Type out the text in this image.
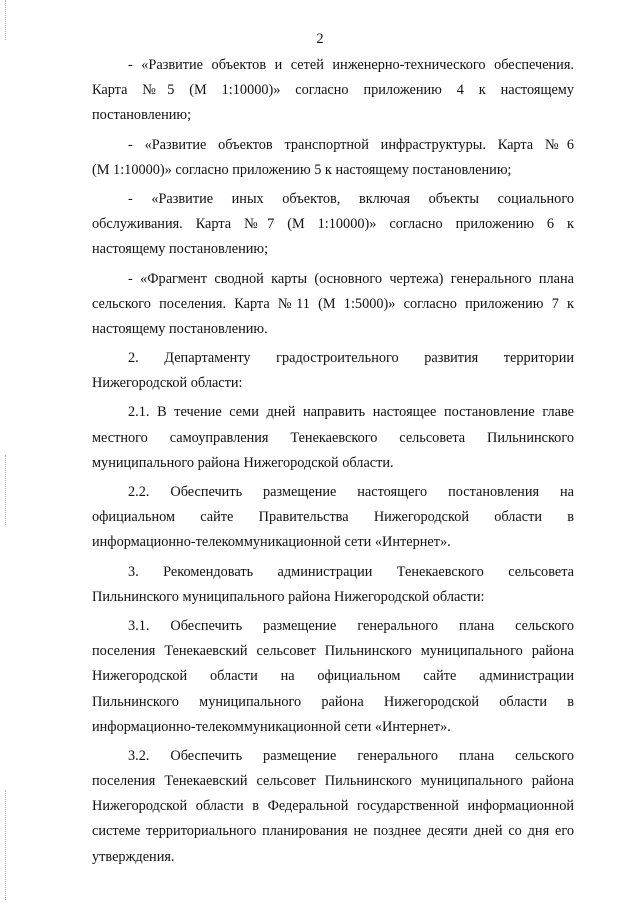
2
- «Развитие объектов и сетей инженерно-технического обеспечения.
Карта №5 (М 1:10000)» согласно приложению 4 к настоящему
постановлению;
- «Развитие объектов транспортной инфраструктуры. Карта №6
(М 1:10000)» согласно приложению 5 к настоящему постановлению;
- «Развитие иных объектов, включая объекты социального
обслуживания. Карта №7 (М 1:10000)» согласно приложению 6 к
настоящему постановлению;
- «Фрагмент сводной карты (основного чертежа) генерального плана
сельского поселения. Карта №11 (М 1:5000)» согласно приложению 7 к
настоящему постановлению.
2. Департаменту градостроительного развития территории
Нижегородской области:
2.1. В течение семи дней направить настоящее постановление главе
местного самоуправления Тенекаевского сельсовета Пильнинского
муниципального района Нижегородской области.
2.2. Обеспечить размещение настоящего постановления на
официальном сайте Правительства Нижегородской области в
информационно-телекоммуникационной сети «Интернет».
3. Рекомендовать администрации Тенекаевского сельсовета
Пильнинского муниципального района Нижегородской области:
3.1. Обеспечить размещение генерального плана сельского
поселения Тенекаевский сельсовет Пильнинского муниципального района
Нижегородской области на официальном сайте администрации
Пильнинского муниципального района Нижегородской области в
информационно-телекоммуникационной сети «Интернет».
3.2. Обеспечить размещение генерального плана сельского
поселения Тенекаевский сельсовет Пильнинского муниципального района
Нижегородской области в Федеральной государственной информационной
системе территориального планирования не позднее десяти дней со дня его
утверждения.
